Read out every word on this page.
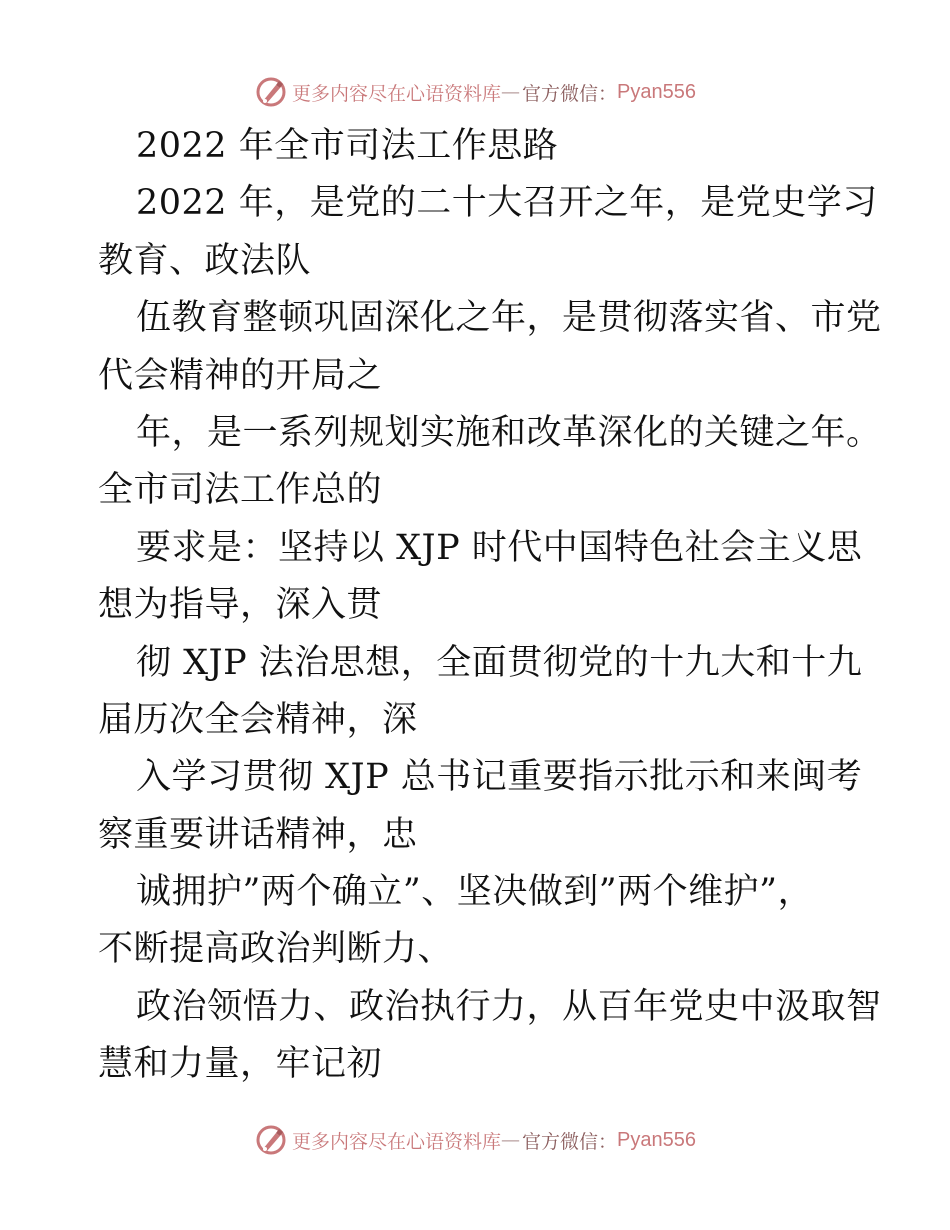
更多内容尽在心语资料库 — 官方微信： Pyan556
2022 年全市司法工作思路
2022 年，是党的二十大召开之年，是党史学习
教育、政法队
伍教育整顿巩固深化之年，是贯彻落实省、市党
代会精神的开局之
年，是一系列规划实施和改革深化的关键之年。
全市司法工作总的
要求是：坚持以 XJP 时代中国特色社会主义思
想为指导，深入贯
彻 XJP 法治思想，全面贯彻党的十九大和十九
届历次全会精神，深
入学习贯彻 XJP 总书记重要指示批示和来闽考
察重要讲话精神，忠
诚拥护”两个确立”、坚决做到”两个维护”，
不断提高政治判断力、
政治领悟力、政治执行力，从百年党史中汲取智
慧和力量，牢记初
更多内容尽在心语资料库 — 官方微信： Pyan556
